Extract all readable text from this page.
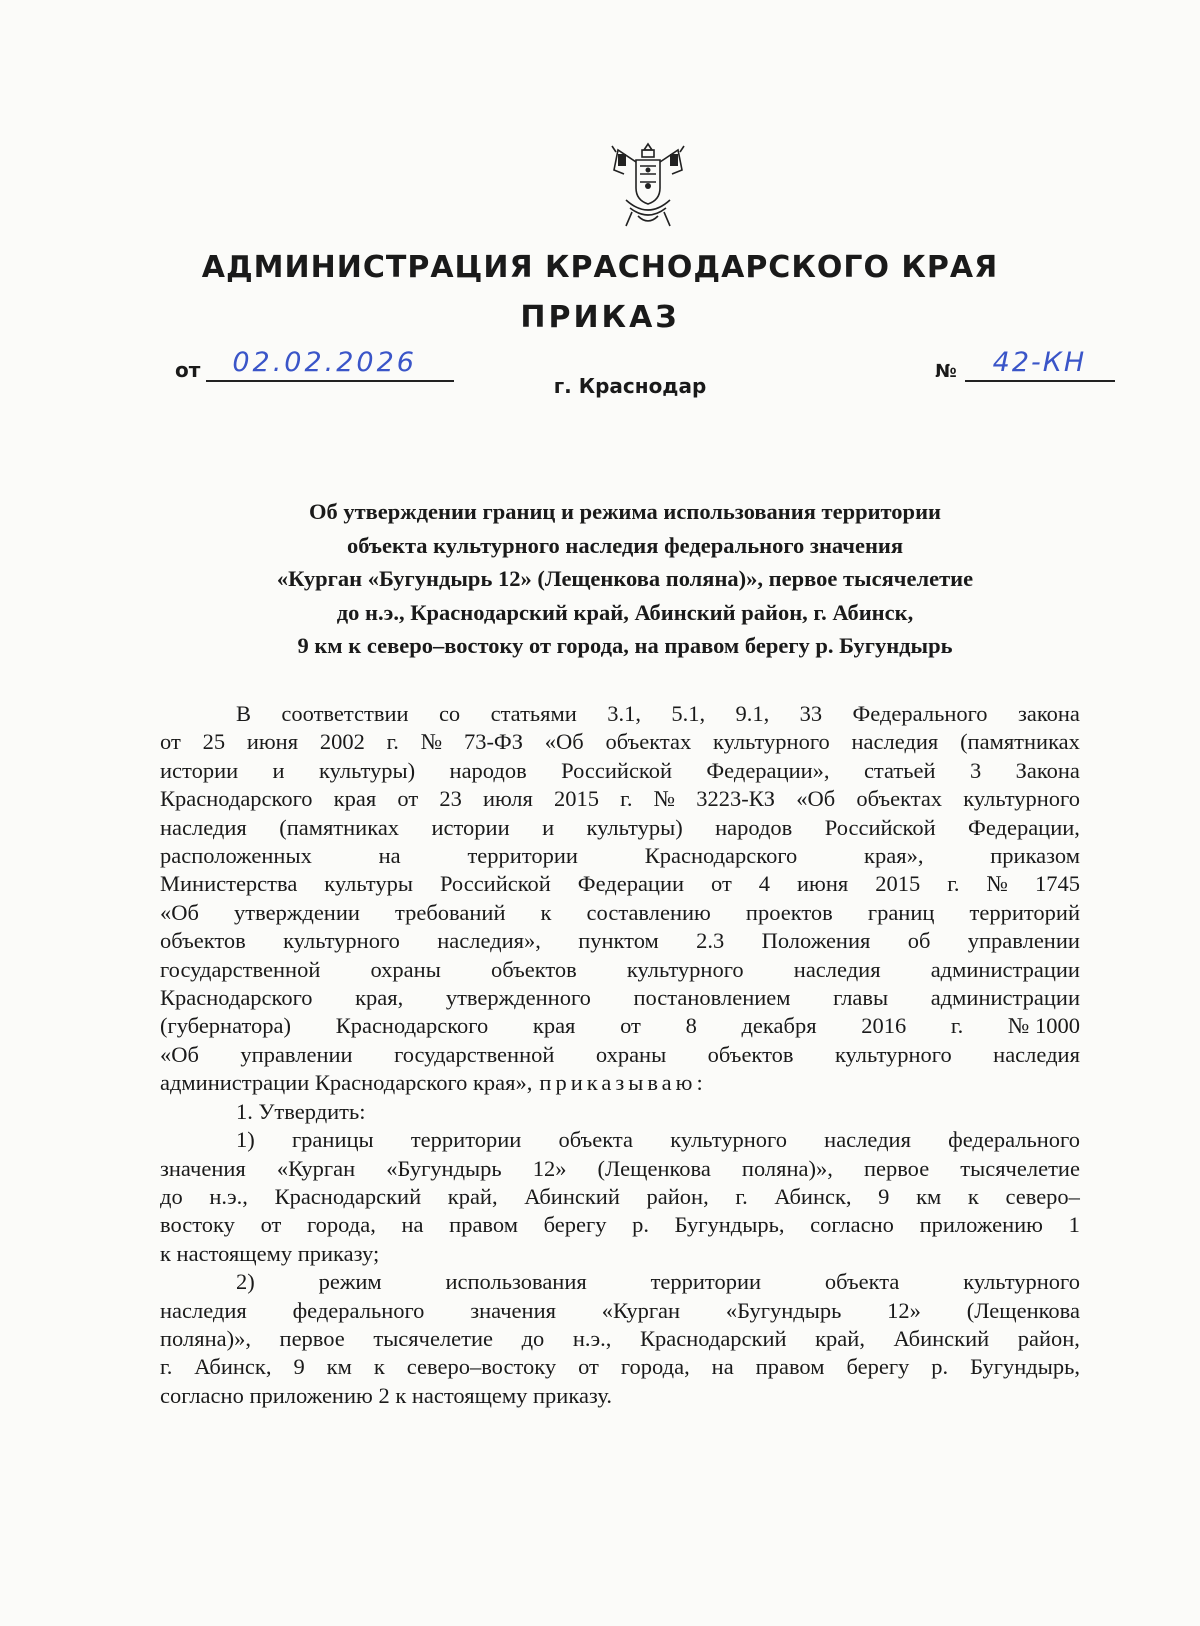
АДМИНИСТРАЦИЯ КРАСНОДАРСКОГО КРАЯ
ПРИКАЗ
от 02.02.2026	№ 42-КН
г. Краснодар
Об утверждении границ и режима использования территории
объекта культурного наследия федерального значения
«Курган «Бугундырь 12» (Лещенкова поляна)», первое тысячелетие
до н.э., Краснодарский край, Абинский район, г. Абинск,
9 км к северо–востоку от города, на правом берегу р. Бугундырь
В соответствии со статьями 3.1, 5.1, 9.1, 33 Федерального закона
от 25 июня 2002 г. № 73-ФЗ «Об объектах культурного наследия (памятниках
истории и культуры) народов Российской Федерации», статьей 3 Закона
Краснодарского края от 23 июля 2015 г. № 3223-КЗ «Об объектах культурного
наследия (памятниках истории и культуры) народов Российской Федерации,
расположенных	на	территории	Краснодарского	края»,	приказом
Министерства культуры Российской Федерации от 4 июня 2015 г. № 1745
«Об утверждении требований к составлению проектов границ территорий
объектов культурного наследия», пунктом 2.3 Положения об управлении
государственной охраны объектов культурного наследия администрации
Краснодарского края, утвержденного постановлением главы администрации
(губернатора) Краснодарского края от 8 декабря 2016 г. № 1000
«Об управлении государственной охраны объектов культурного наследия
администрации Краснодарского края», приказываю:
1. Утвердить:
1) границы территории объекта культурного наследия федерального
значения «Курган «Бугундырь 12» (Лещенкова поляна)», первое тысячелетие
до н.э., Краснодарский край, Абинский район, г. Абинск, 9 км к северо–
востоку от города, на правом берегу р. Бугундырь, согласно приложению 1
к настоящему приказу;
2)	режим	использования	территории	объекта	культурного
наследия федерального значения «Курган «Бугундырь 12» (Лещенкова
поляна)», первое тысячелетие до н.э., Краснодарский край, Абинский район,
г. Абинск, 9 км к северо–востоку от города, на правом берегу р. Бугундырь,
согласно приложению 2 к настоящему приказу.
